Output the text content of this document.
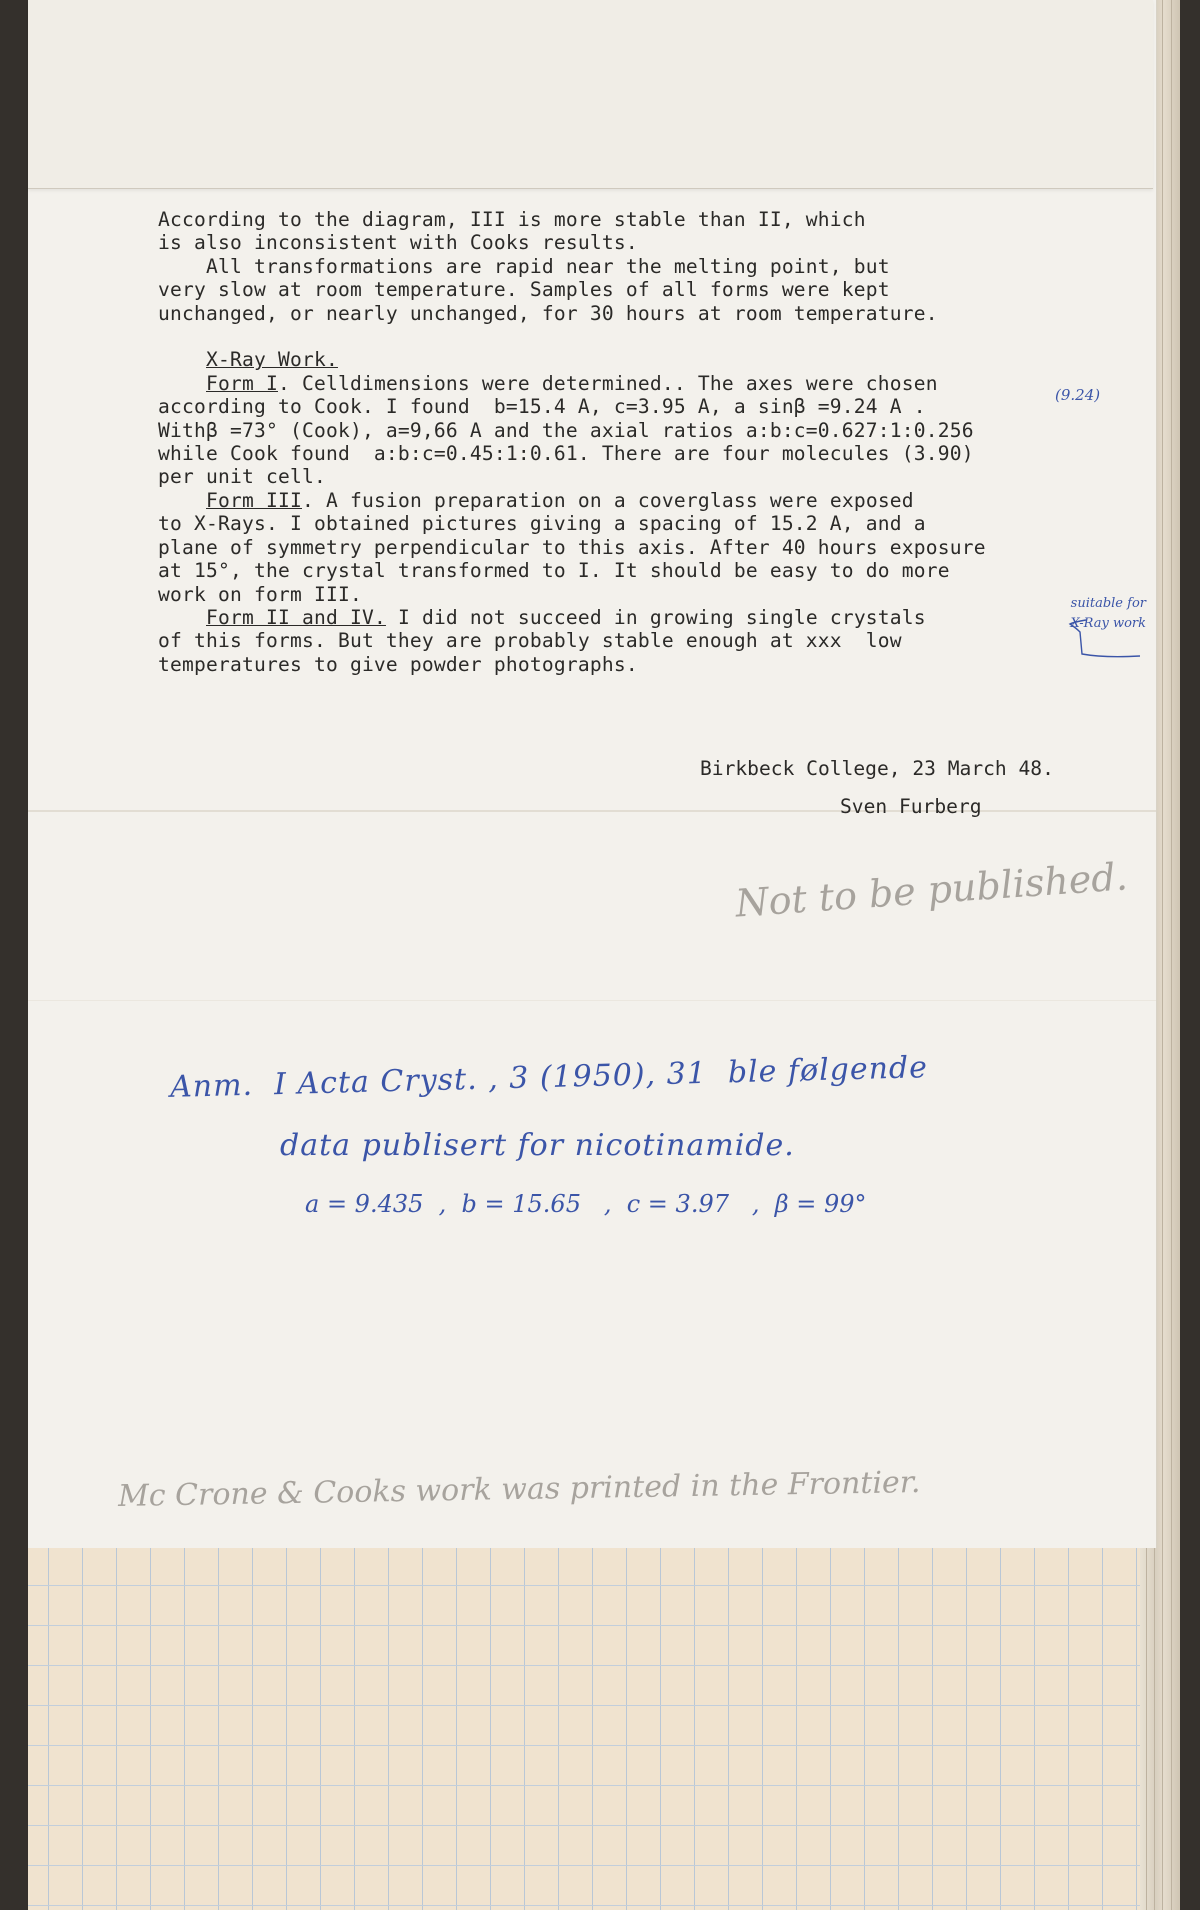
According to the diagram, III is more stable than II, which
is also inconsistent with Cooks results.
All transformations are rapid near the melting point, but
very slow at room temperature. Samples of all forms were kept
unchanged, or nearly unchanged, for 30 hours at room temperature.

X-Ray Work.
Form I. Celldimensions were determined.. The axes were chosen
according to Cook. I found  b=15.4 A, c=3.95 A, a sinβ =9.24 A .
Withβ =73° (Cook), a=9,66 A and the axial ratios a:b:c=0.627:1:0.256
while Cook found  a:b:c=0.45:1:0.61. There are four molecules (3.90)
per unit cell.
Form III. A fusion preparation on a coverglass were exposed
to X-Rays. I obtained pictures giving a spacing of 15.2 A, and a
plane of symmetry perpendicular to this axis. After 40 hours exposure
at 15°, the crystal transformed to I. It should be easy to do more
work on form III.
Form II and IV. I did not succeed in growing single crystals
of this forms. But they are probably stable enough at xxx  low
temperatures to give powder photographs.
Birkbeck College, 23 March 48.
Sven Furberg
(9.24)
suitable for X-Ray work
Not to be published.
Anm.  I Acta Cryst. , 3 (1950), 31  ble følgende
data publisert for nicotinamide.
a = 9.435  ,  b = 15.65   ,  c = 3.97   ,  β = 99°
Mc Crone & Cooks work was printed in the Frontier.
